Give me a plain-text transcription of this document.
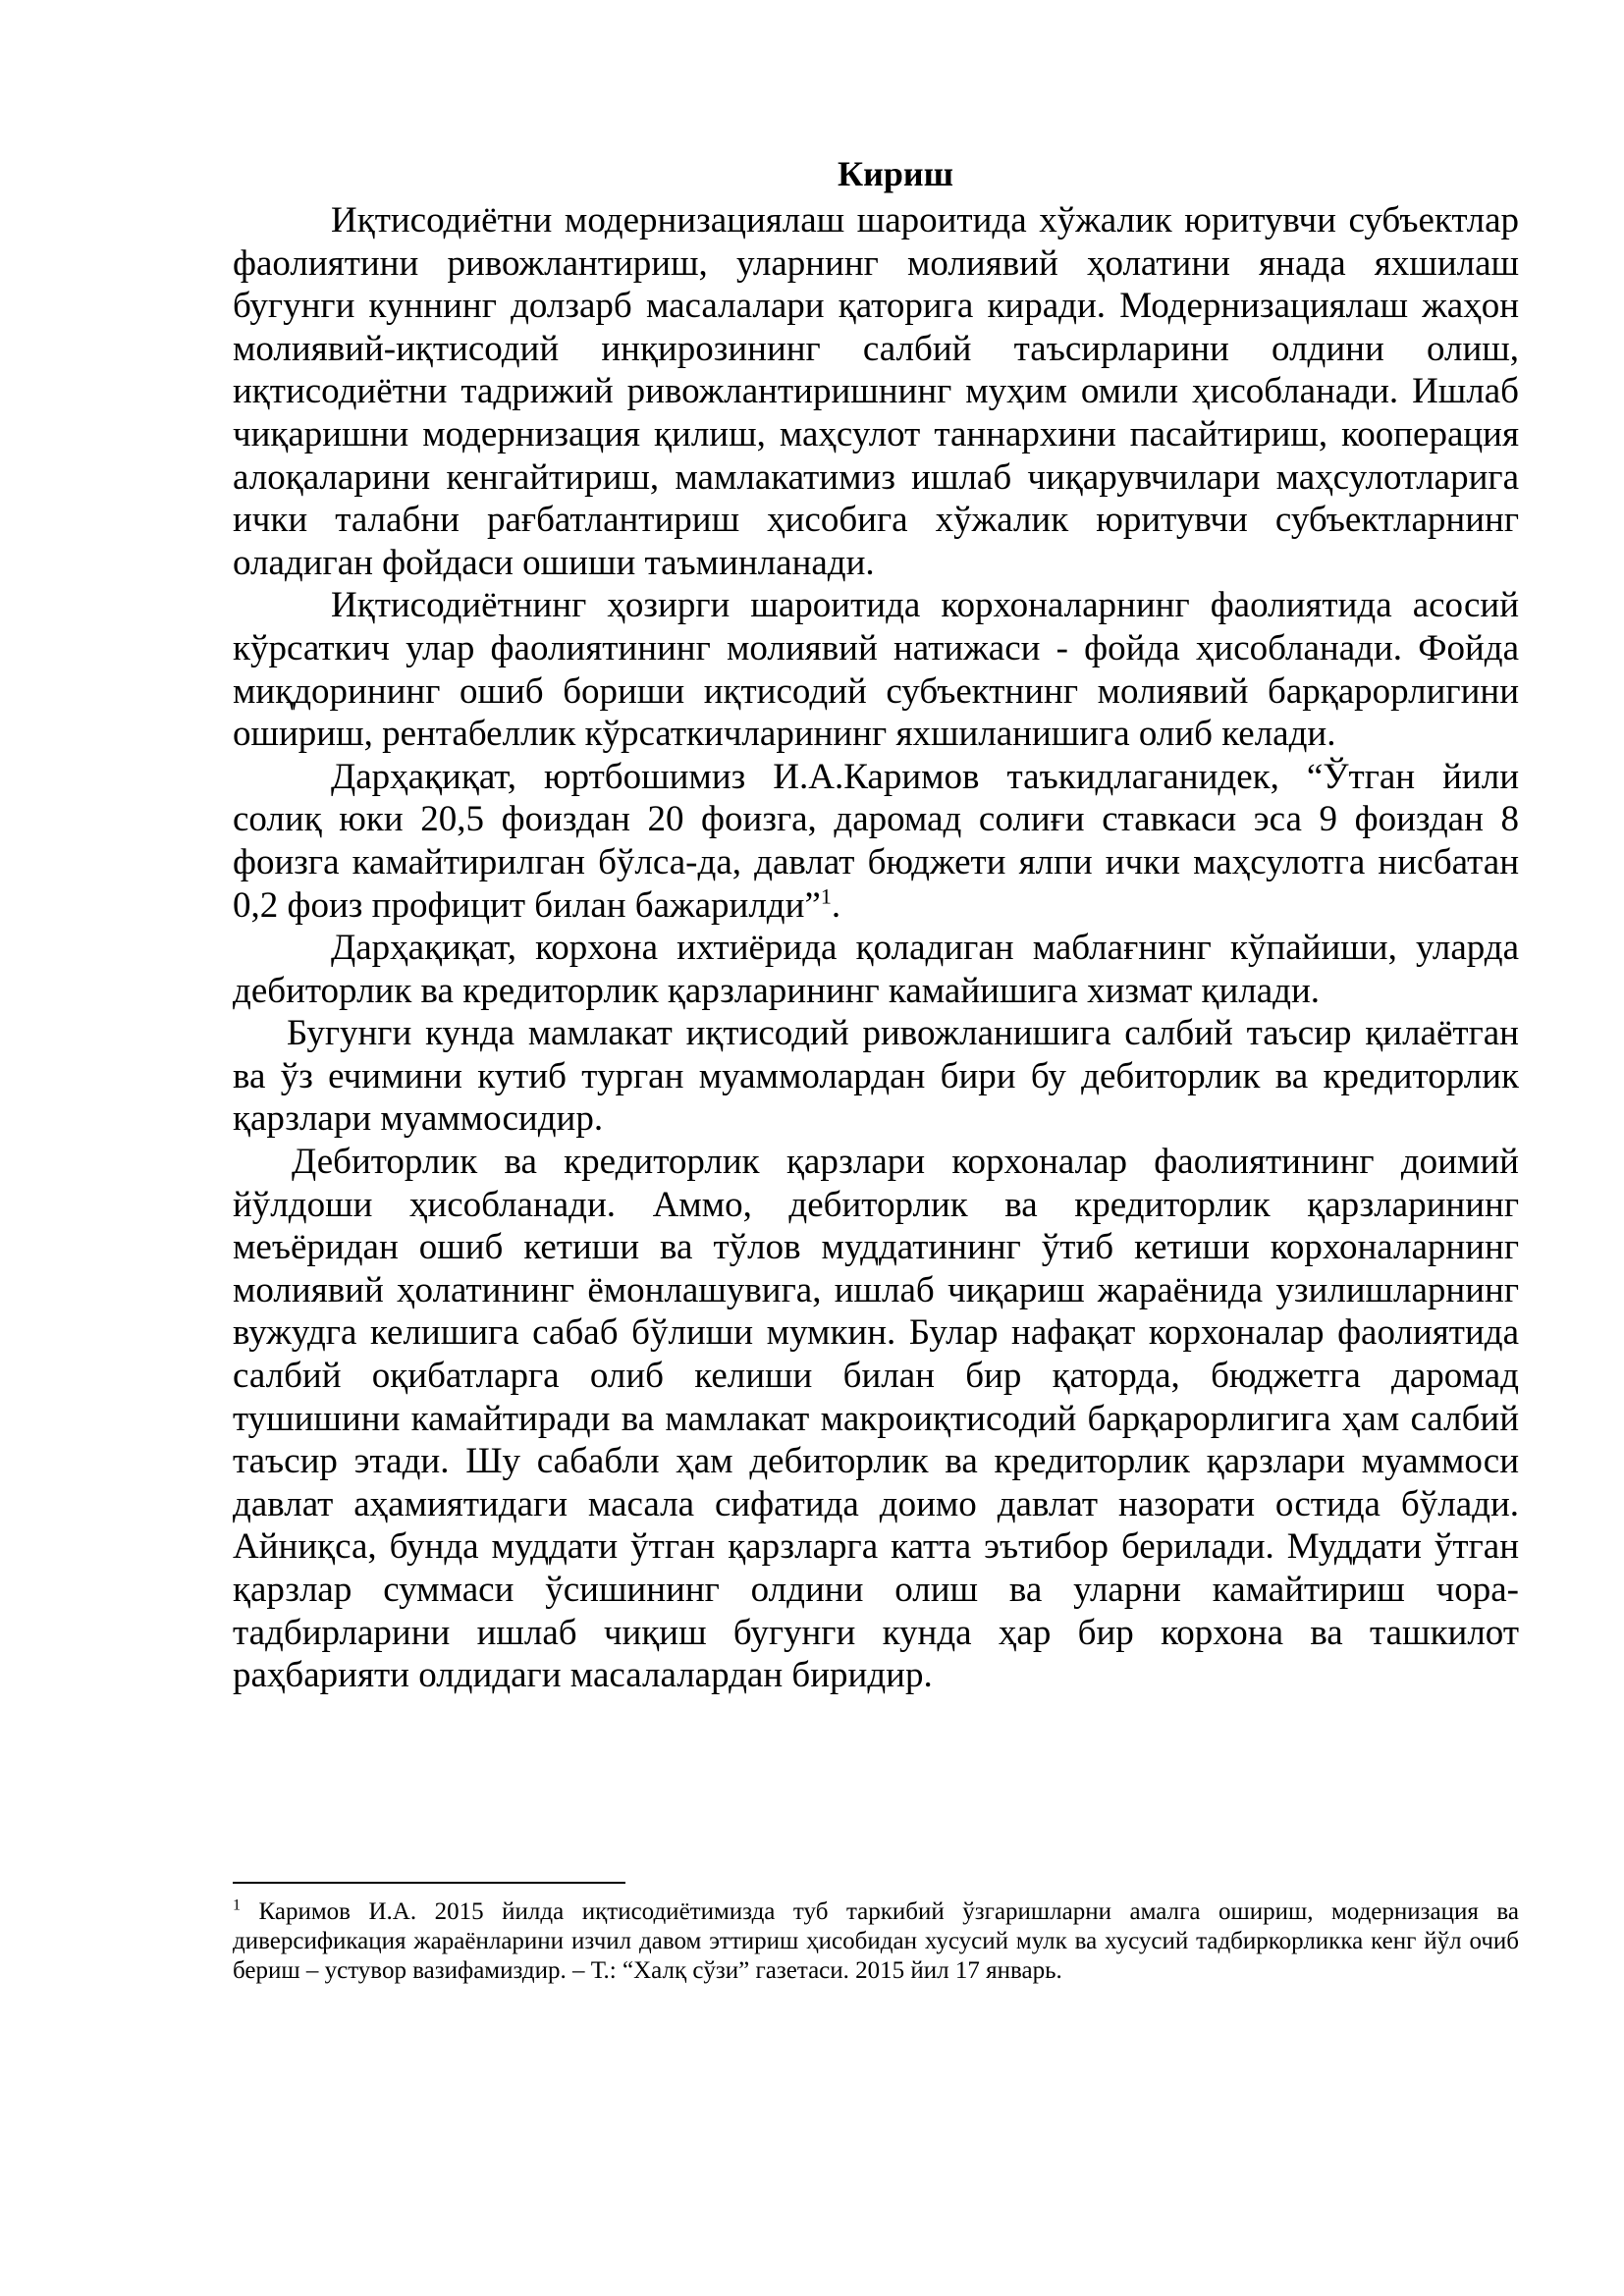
Кириш

Иқтисодиётни модернизациялаш шароитида хўжалик юритувчи субъектлар фаолиятини ривожлантириш, уларнинг молиявий ҳолатини янада яхшилаш бугунги куннинг долзарб масалалари қаторига киради. Модернизациялаш жаҳон молиявий-иқтисодий инқирозининг салбий таъсирларини олдини олиш, иқтисодиётни тадрижий ривожлантиришнинг муҳим омили ҳисобланади. Ишлаб чиқаришни модернизация қилиш, маҳсулот таннархини пасайтириш, кооперация алоқаларини кенгайтириш, мамлакатимиз ишлаб чиқарувчилари маҳсулотларига ички талабни рағбатлантириш ҳисобига хўжалик юритувчи субъектларнинг оладиган фойдаси ошиши таъминланади.

Иқтисодиётнинг ҳозирги шароитида корхоналарнинг фаолиятида асосий кўрсаткич улар фаолиятининг молиявий натижаси - фойда ҳисобланади. Фойда миқдорининг ошиб бориши иқтисодий субъектнинг молиявий барқарорлигини ошириш, рентабеллик кўрсаткичларининг яхшиланишига олиб келади.

Дарҳақиқат, юртбошимиз И.А.Каримов таъкидлаганидек, “Ўтган йили солиқ юки 20,5 фоиздан 20 фоизга, даромад солиғи ставкаси эса 9 фоиздан 8 фоизга камайтирилган бўлса-да, давлат бюджети ялпи ички маҳсулотга нисбатан 0,2 фоиз профицит билан бажарилди”$^1$.

Дарҳақиқат, корхона ихтиёрида қоладиган маблағнинг кўпайиши, уларда дебиторлик ва кредиторлик қарзларининг камайишига хизмат қилади.

Бугунги кунда мамлакат иқтисодий ривожланишига салбий таъсир қилаётган ва ўз ечимини кутиб турган муаммолардан бири бу дебиторлик ва кредиторлик қарзлари муаммосидир.

Дебиторлик ва кредиторлик қарзлари корхоналар фаолиятининг доимий йўлдоши ҳисобланади. Аммо, дебиторлик ва кредиторлик қарзларининг меъёридан ошиб кетиши ва тўлов муддатининг ўтиб кетиши корхоналарнинг молиявий ҳолатининг ёмонлашувига, ишлаб чиқариш жараёнида узилишларнинг вужудга келишига сабаб бўлиши мумкин. Булар нафақат корхоналар фаолиятида салбий оқибатларга олиб келиши билан бир қаторда, бюджетга даромад тушишини камайтиради ва мамлакат макроиқтисодий барқарорлигига ҳам салбий таъсир этади. Шу сабабли ҳам дебиторлик ва кредиторлик қарзлари муаммоси давлат аҳамиятидаги масала сифатида доимо давлат назорати остида бўлади. Айниқса, бунда муддати ўтган қарзларга катта эътибор берилади. Муддати ўтган қарзлар суммаси ўсишининг олдини олиш ва уларни камайтириш чора-тадбирларини ишлаб чиқиш бугунги кунда ҳар бир корхона ва ташкилот раҳбарияти олдидаги масалалардан биридир.

$^1$ Каримов И.А. 2015 йилда иқтисодиётимизда туб таркибий ўзгаришларни амалга ошириш, модернизация ва диверсификация жараёнларини изчил давом эттириш ҳисобидан хусусий мулк ва хусусий тадбиркорликка кенг йўл очиб бериш – устувор вазифамиздир. – Т.: “Халқ сўзи” газетаси. 2015 йил 17 январь.
